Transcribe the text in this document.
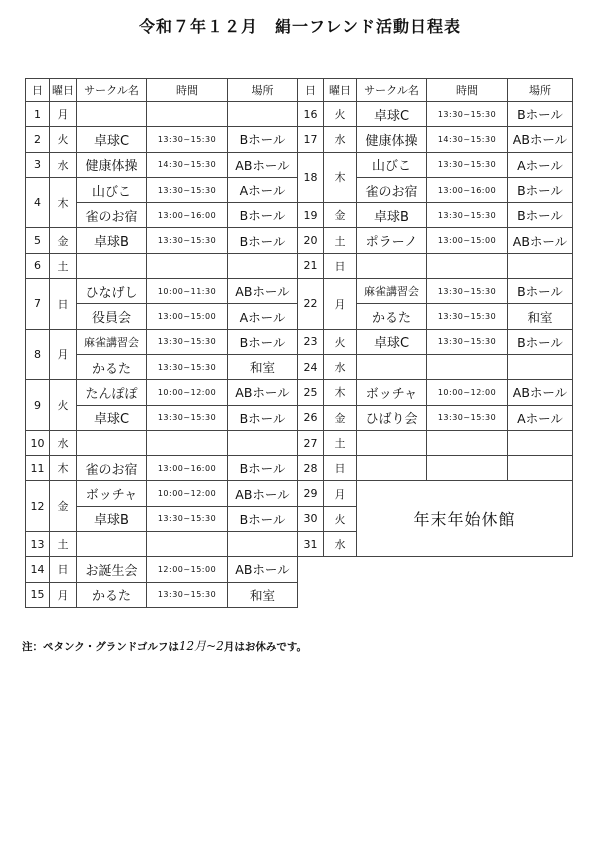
令和７年１２月　絹一フレンド活動日程表
日	曜日	サークル名	時間	場所
1	月			
2	火	卓球C	13:30~15:30	Bホール
3	水	健康体操	14:30~15:30	ABホール
4	木	山びこ	13:30~15:30	Aホール
		雀のお宿	13:00~16:00	Bホール
5	金	卓球B	13:30~15:30	Bホール
6	土			
7	日	ひなげし	10:00~11:30	ABホール
		役員会	13:00~15:00	Aホール
8	月	麻雀講習会	13:30~15:30	Bホール
		かるた	13:30~15:30	和室
9	火	たんぽぽ	10:00~12:00	ABホール
		卓球C	13:30~15:30	Bホール
10	水			
11	木	雀のお宿	13:00~16:00	Bホール
12	金	ボッチャ	10:00~12:00	ABホール
		卓球B	13:30~15:30	Bホール
13	土			
14	日	お誕生会	12:00~15:00	ABホール
15	月	かるた	13:30~15:30	和室
日	曜日	サークル名	時間	場所
16	火	卓球C	13:30~15:30	Bホール
17	水	健康体操	14:30~15:30	ABホール
18	木	山びこ	13:30~15:30	Aホール
		雀のお宿	13:00~16:00	Bホール
19	金	卓球B	13:30~15:30	Bホール
20	土	ポラーノ	13:00~15:00	ABホール
21	日			
22	月	麻雀講習会	13:30~15:30	Bホール
		かるた	13:30~15:30	和室
23	火	卓球C	13:30~15:30	Bホール
24	水			
25	木	ボッチャ	10:00~12:00	ABホール
26	金	ひばり会	13:30~15:30	Aホール
27	土			
28	日			
29	月	年末年始休館		
30	火			
31	水			
注：ペタンク・グランドゴルフは12月~2月はお休みです。
